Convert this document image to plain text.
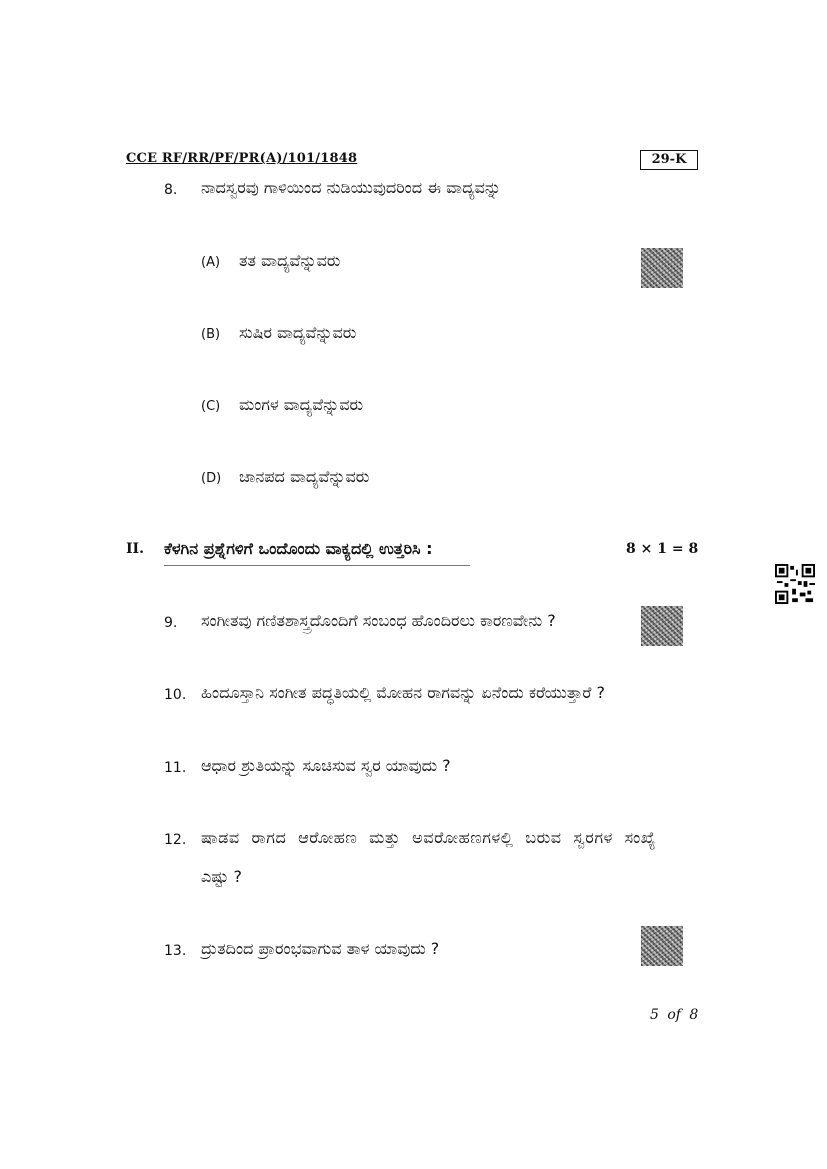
CCE RF/RR/PF/PR(A)/101/1848	29-K
8. ನಾದಸ್ವರವು ಗಾಳಿಯಿಂದ ನುಡಿಯುವುದರಿಂದ ಈ ವಾದ್ಯವನ್ನು
(A) ತತ ವಾದ್ಯವೆನ್ನುವರು
(B) ಸುಷಿರ ವಾದ್ಯವೆನ್ನುವರು
(C) ಮಂಗಳ ವಾದ್ಯವೆನ್ನುವರು
(D) ಜಾನಪದ ವಾದ್ಯವೆನ್ನುವರು
II. ಕೆಳಗಿನ ಪ್ರಶ್ನೆಗಳಿಗೆ ಒಂದೊಂದು ವಾಕ್ಯದಲ್ಲಿ ಉತ್ತರಿಸಿ :	8 × 1 = 8
9. ಸಂಗೀತವು ಗಣಿತಶಾಸ್ತ್ರದೊಂದಿಗೆ ಸಂಬಂಧ ಹೊಂದಿರಲು ಕಾರಣವೇನು ?
10. ಹಿಂದೂಸ್ತಾನಿ ಸಂಗೀತ ಪದ್ಧತಿಯಲ್ಲಿ ಮೋಹನ ರಾಗವನ್ನು ಏನೆಂದು ಕರೆಯುತ್ತಾರೆ ?
11. ಆಧಾರ ಶ್ರುತಿಯನ್ನು ಸೂಚಿಸುವ ಸ್ವರ ಯಾವುದು ?
12. ಷಾಡವ ರಾಗದ ಆರೋಹಣ ಮತ್ತು ಅವರೋಹಣಗಳಲ್ಲಿ ಬರುವ ಸ್ವರಗಳ ಸಂಖ್ಯೆ
ಎಷ್ಟು ?
13. ದ್ರುತದಿಂದ ಪ್ರಾರಂಭವಾಗುವ ತಾಳ ಯಾವುದು ?
5 of 8
